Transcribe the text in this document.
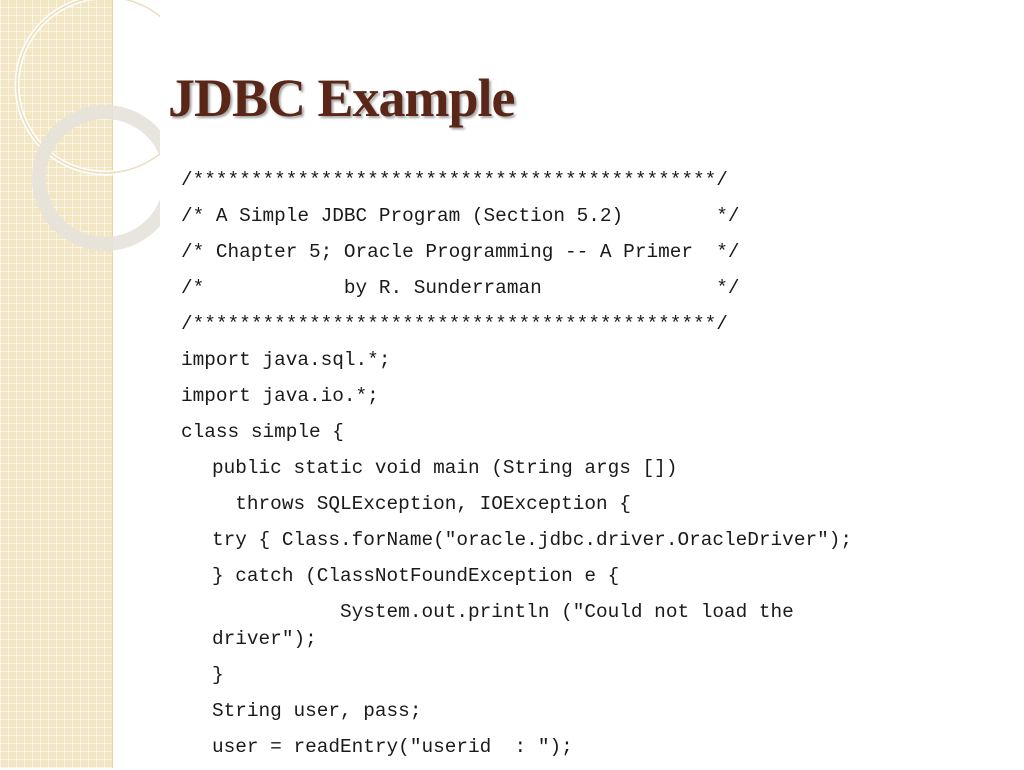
JDBC Example
/*********************************************/
/* A Simple JDBC Program (Section 5.2)        */
/* Chapter 5; Oracle Programming -- A Primer  */
/*            by R. Sunderraman               */
/*********************************************/
import java.sql.*;
import java.io.*;
class simple {
public static void main (String args [])
throws SQLException, IOException {
try { Class.forName("oracle.jdbc.driver.OracleDriver");
} catch (ClassNotFoundException e {
System.out.println ("Could not load the
driver");
}
String user, pass;
user = readEntry("userid  : ");
